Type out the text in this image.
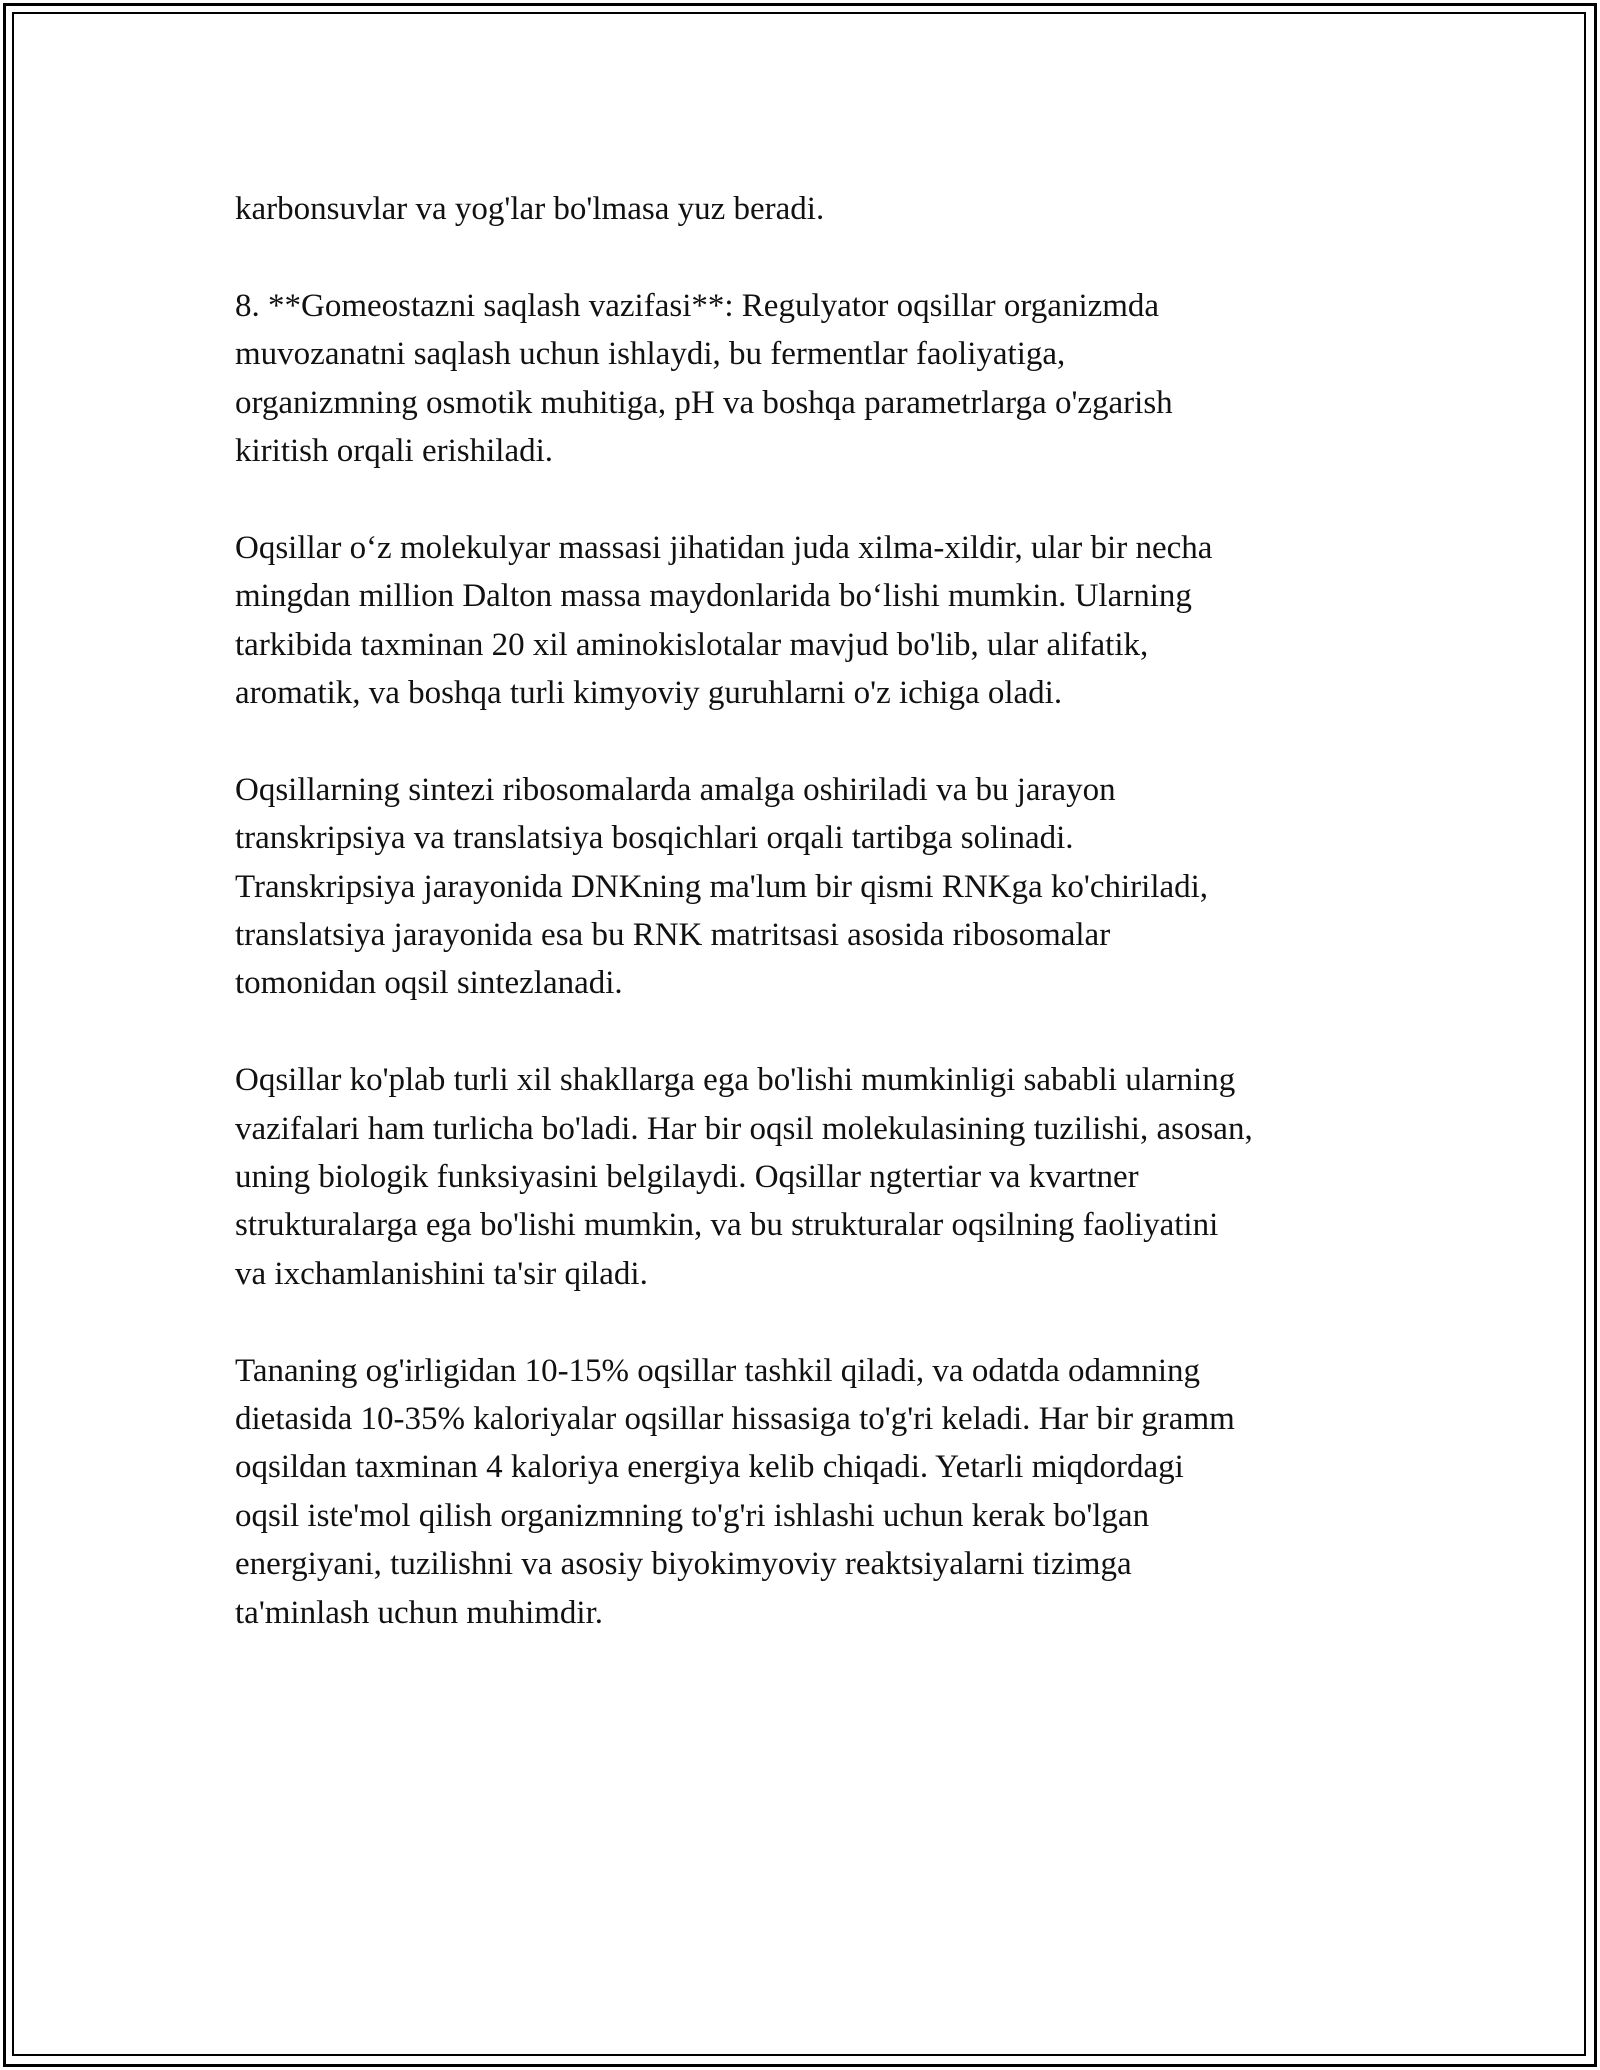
karbonsuvlar va yog'lar bo'lmasa yuz beradi.

8. **Gomeostazni saqlash vazifasi**: Regulyator oqsillar organizmda
muvozanatni saqlash uchun ishlaydi, bu fermentlar faoliyatiga,
organizmning osmotik muhitiga, pH va boshqa parametrlarga o'zgarish
kiritish orqali erishiladi.

Oqsillar o‘z molekulyar massasi jihatidan juda xilma-xildir, ular bir necha
mingdan million Dalton massa maydonlarida bo‘lishi mumkin. Ularning
tarkibida taxminan 20 xil aminokislotalar mavjud bo'lib, ular alifatik,
aromatik, va boshqa turli kimyoviy guruhlarni o'z ichiga oladi.

Oqsillarning sintezi ribosomalarda amalga oshiriladi va bu jarayon
transkripsiya va translatsiya bosqichlari orqali tartibga solinadi.
Transkripsiya jarayonida DNKning ma'lum bir qismi RNKga ko'chiriladi,
translatsiya jarayonida esa bu RNK matritsasi asosida ribosomalar
tomonidan oqsil sintezlanadi.

Oqsillar ko'plab turli xil shakllarga ega bo'lishi mumkinligi sababli ularning
vazifalari ham turlicha bo'ladi. Har bir oqsil molekulasining tuzilishi, asosan,
uning biologik funksiyasini belgilaydi. Oqsillar ngtertiar va kvartner
strukturalarga ega bo'lishi mumkin, va bu strukturalar oqsilning faoliyatini
va ixchamlanishini ta'sir qiladi.

Tananing og'irligidan 10-15% oqsillar tashkil qiladi, va odatda odamning
dietasida 10-35% kaloriyalar oqsillar hissasiga to'g'ri keladi. Har bir gramm
oqsildan taxminan 4 kaloriya energiya kelib chiqadi. Yetarli miqdordagi
oqsil iste'mol qilish organizmning to'g'ri ishlashi uchun kerak bo'lgan
energiyani, tuzilishni va asosiy biyokimyoviy reaktsiyalarni tizimga
ta'minlash uchun muhimdir.
